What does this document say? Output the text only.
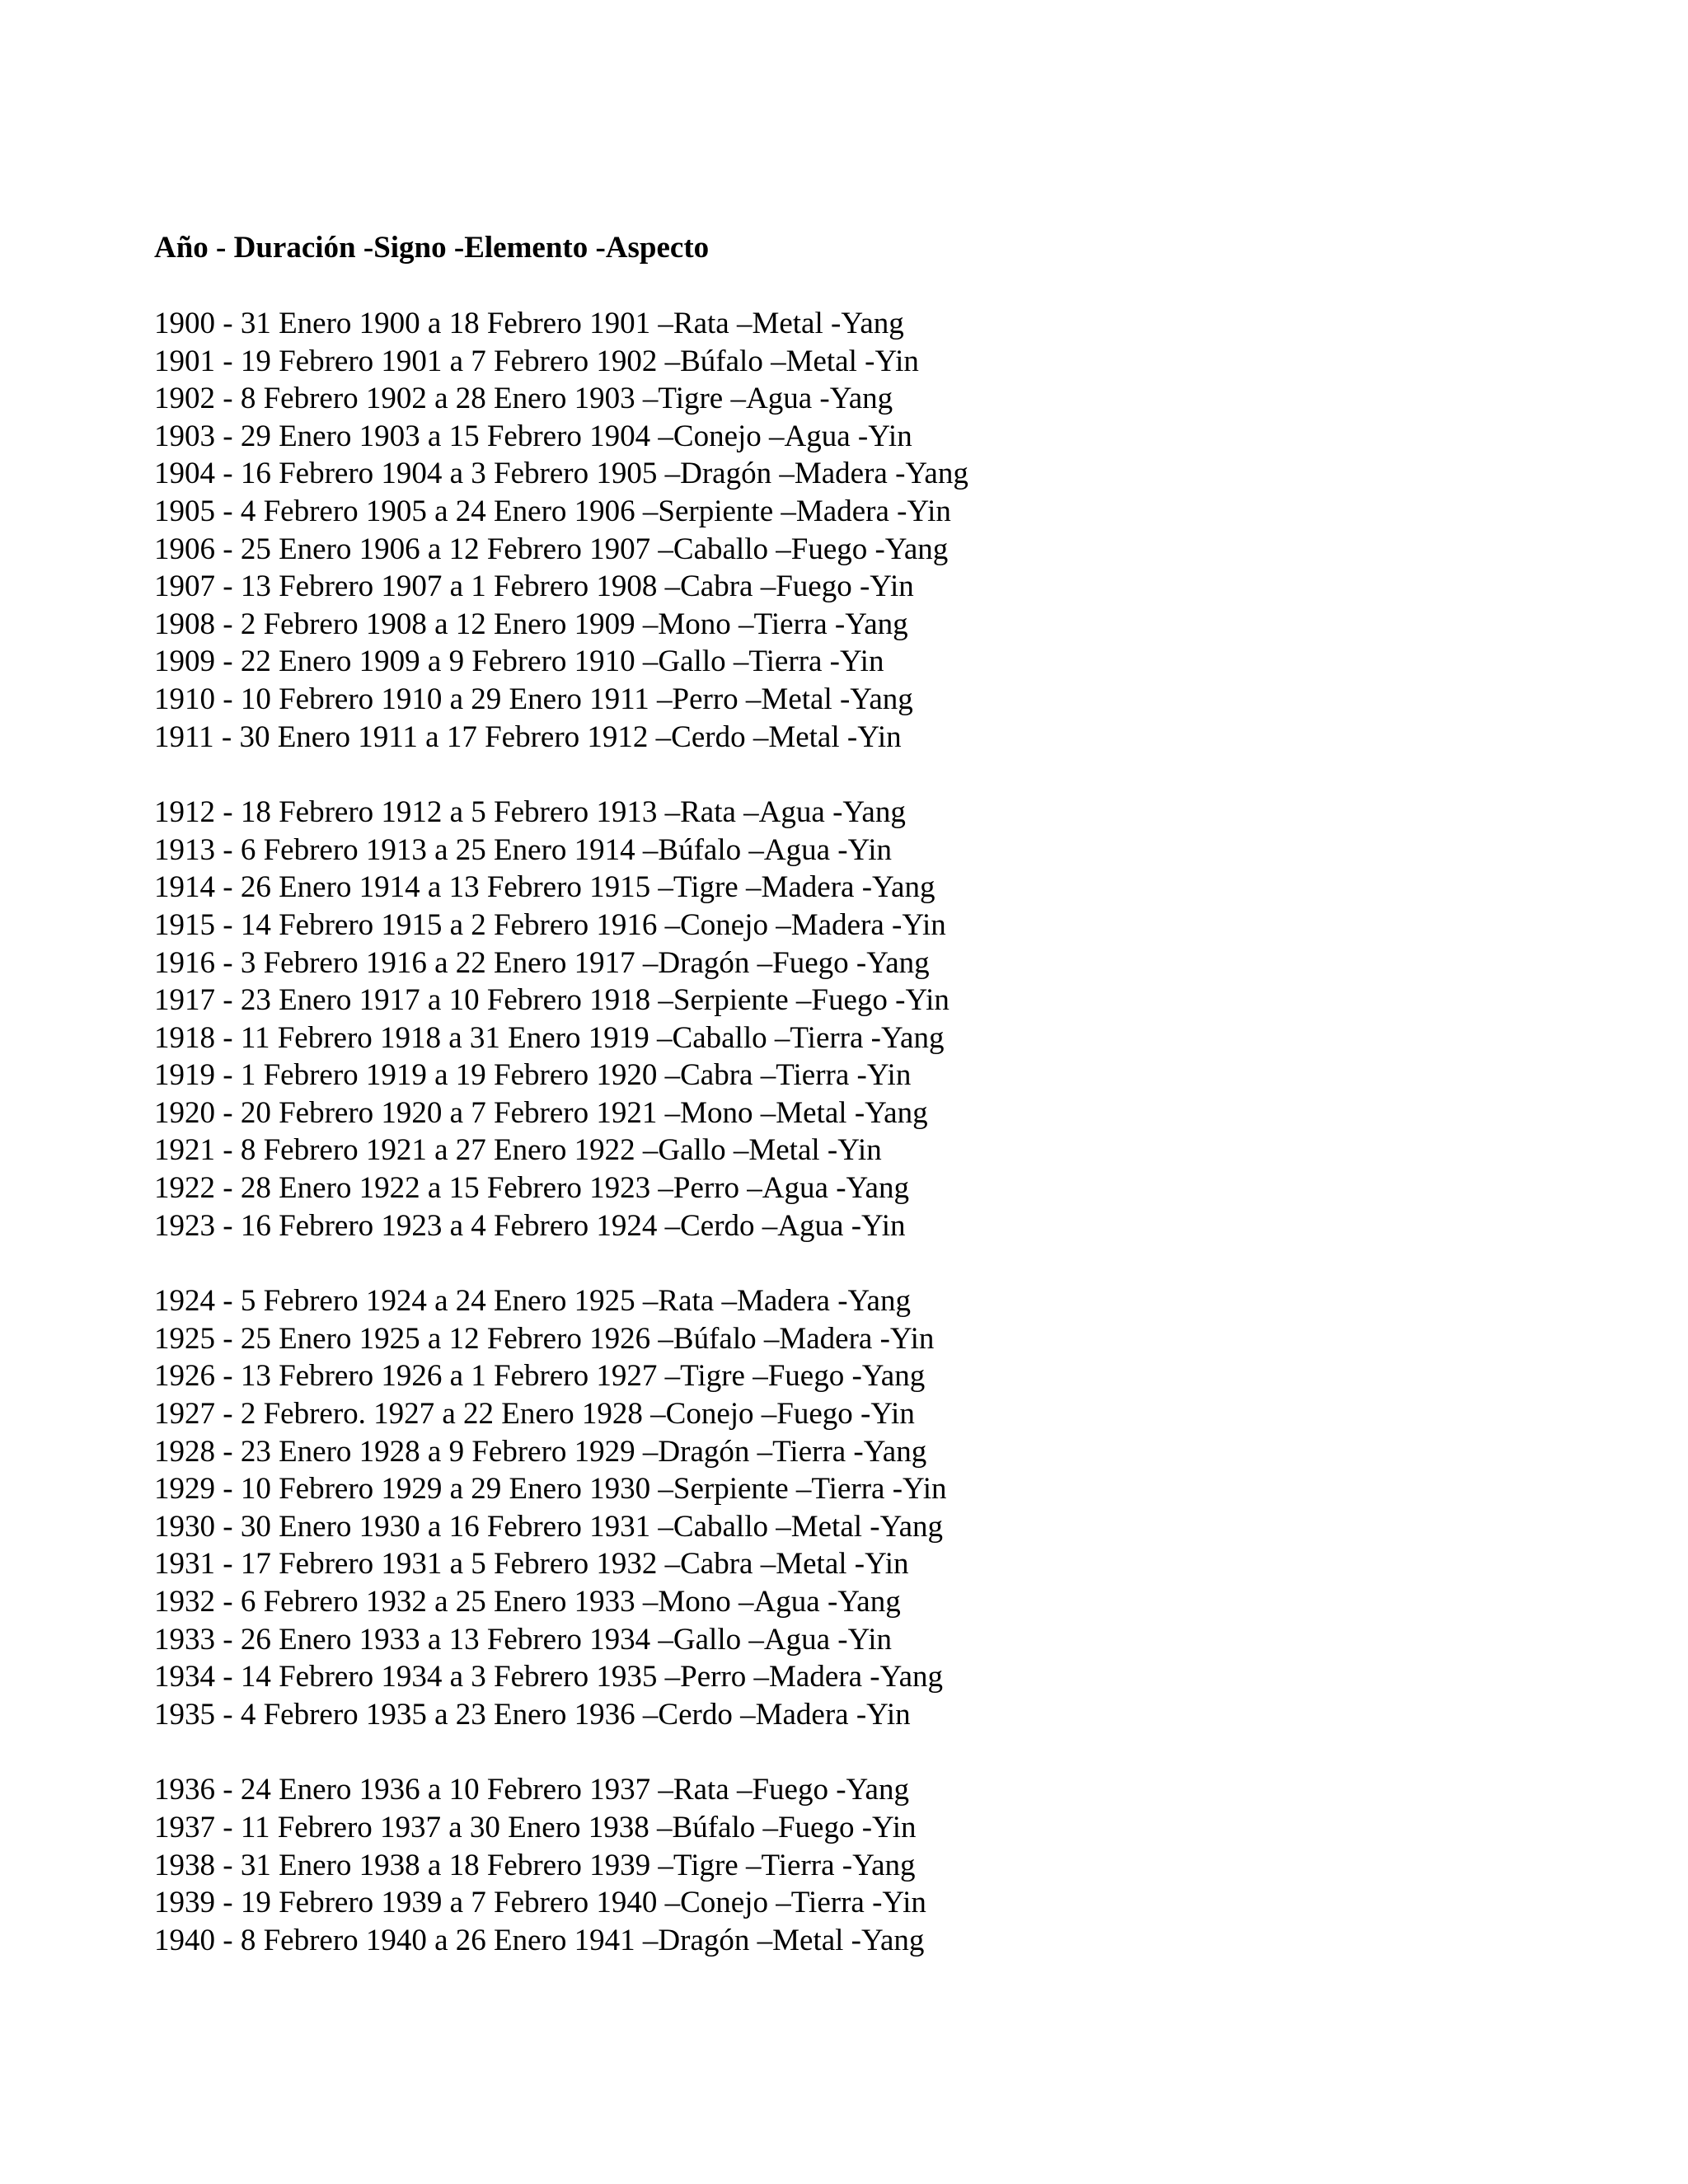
Año - Duración -Signo -Elemento -Aspecto
1900 - 31 Enero 1900 a 18 Febrero 1901 –Rata –Metal -Yang
1901 - 19 Febrero 1901 a 7 Febrero 1902 –Búfalo –Metal -Yin
1902 - 8 Febrero 1902 a 28 Enero 1903 –Tigre –Agua -Yang
1903 - 29 Enero 1903 a 15 Febrero 1904 –Conejo –Agua -Yin
1904 - 16 Febrero 1904 a 3 Febrero 1905 –Dragón –Madera -Yang
1905 - 4 Febrero 1905 a 24 Enero 1906 –Serpiente –Madera -Yin
1906 - 25 Enero 1906 a 12 Febrero 1907 –Caballo –Fuego -Yang
1907 - 13 Febrero 1907 a 1 Febrero 1908 –Cabra –Fuego -Yin
1908 - 2 Febrero 1908 a 12 Enero 1909 –Mono –Tierra -Yang
1909 - 22 Enero 1909 a 9 Febrero 1910 –Gallo –Tierra -Yin
1910 - 10 Febrero 1910 a 29 Enero 1911 –Perro –Metal -Yang
1911 - 30 Enero 1911 a 17 Febrero 1912 –Cerdo –Metal -Yin
1912 - 18 Febrero 1912 a 5 Febrero 1913 –Rata –Agua -Yang
1913 - 6 Febrero 1913 a 25 Enero 1914 –Búfalo –Agua -Yin
1914 - 26 Enero 1914 a 13 Febrero 1915 –Tigre –Madera -Yang
1915 - 14 Febrero 1915 a 2 Febrero 1916 –Conejo –Madera -Yin
1916 - 3 Febrero 1916 a 22 Enero 1917 –Dragón –Fuego -Yang
1917 - 23 Enero 1917 a 10 Febrero 1918 –Serpiente –Fuego -Yin
1918 - 11 Febrero 1918 a 31 Enero 1919 –Caballo –Tierra -Yang
1919 - 1 Febrero 1919 a 19 Febrero 1920 –Cabra –Tierra -Yin
1920 - 20 Febrero 1920 a 7 Febrero 1921 –Mono –Metal -Yang
1921 - 8 Febrero 1921 a 27 Enero 1922 –Gallo –Metal -Yin
1922 - 28 Enero 1922 a 15 Febrero 1923 –Perro –Agua -Yang
1923 - 16 Febrero 1923 a 4 Febrero 1924 –Cerdo –Agua -Yin
1924 - 5 Febrero 1924 a 24 Enero 1925 –Rata –Madera -Yang
1925 - 25 Enero 1925 a 12 Febrero 1926 –Búfalo –Madera -Yin
1926 - 13 Febrero 1926 a 1 Febrero 1927 –Tigre –Fuego -Yang
1927 - 2 Febrero. 1927 a 22 Enero 1928 –Conejo –Fuego -Yin
1928 - 23 Enero 1928 a 9 Febrero 1929 –Dragón –Tierra -Yang
1929 - 10 Febrero 1929 a 29 Enero 1930 –Serpiente –Tierra -Yin
1930 - 30 Enero 1930 a 16 Febrero 1931 –Caballo –Metal -Yang
1931 - 17 Febrero 1931 a 5 Febrero 1932 –Cabra –Metal -Yin
1932 - 6 Febrero 1932 a 25 Enero 1933 –Mono –Agua -Yang
1933 - 26 Enero 1933 a 13 Febrero 1934 –Gallo –Agua -Yin
1934 - 14 Febrero 1934 a 3 Febrero 1935 –Perro –Madera -Yang
1935 - 4 Febrero 1935 a 23 Enero 1936 –Cerdo –Madera -Yin
1936 - 24 Enero 1936 a 10 Febrero 1937 –Rata –Fuego -Yang
1937 - 11 Febrero 1937 a 30 Enero 1938 –Búfalo –Fuego -Yin
1938 - 31 Enero 1938 a 18 Febrero 1939 –Tigre –Tierra -Yang
1939 - 19 Febrero 1939 a 7 Febrero 1940 –Conejo –Tierra -Yin
1940 - 8 Febrero 1940 a 26 Enero 1941 –Dragón –Metal -Yang
